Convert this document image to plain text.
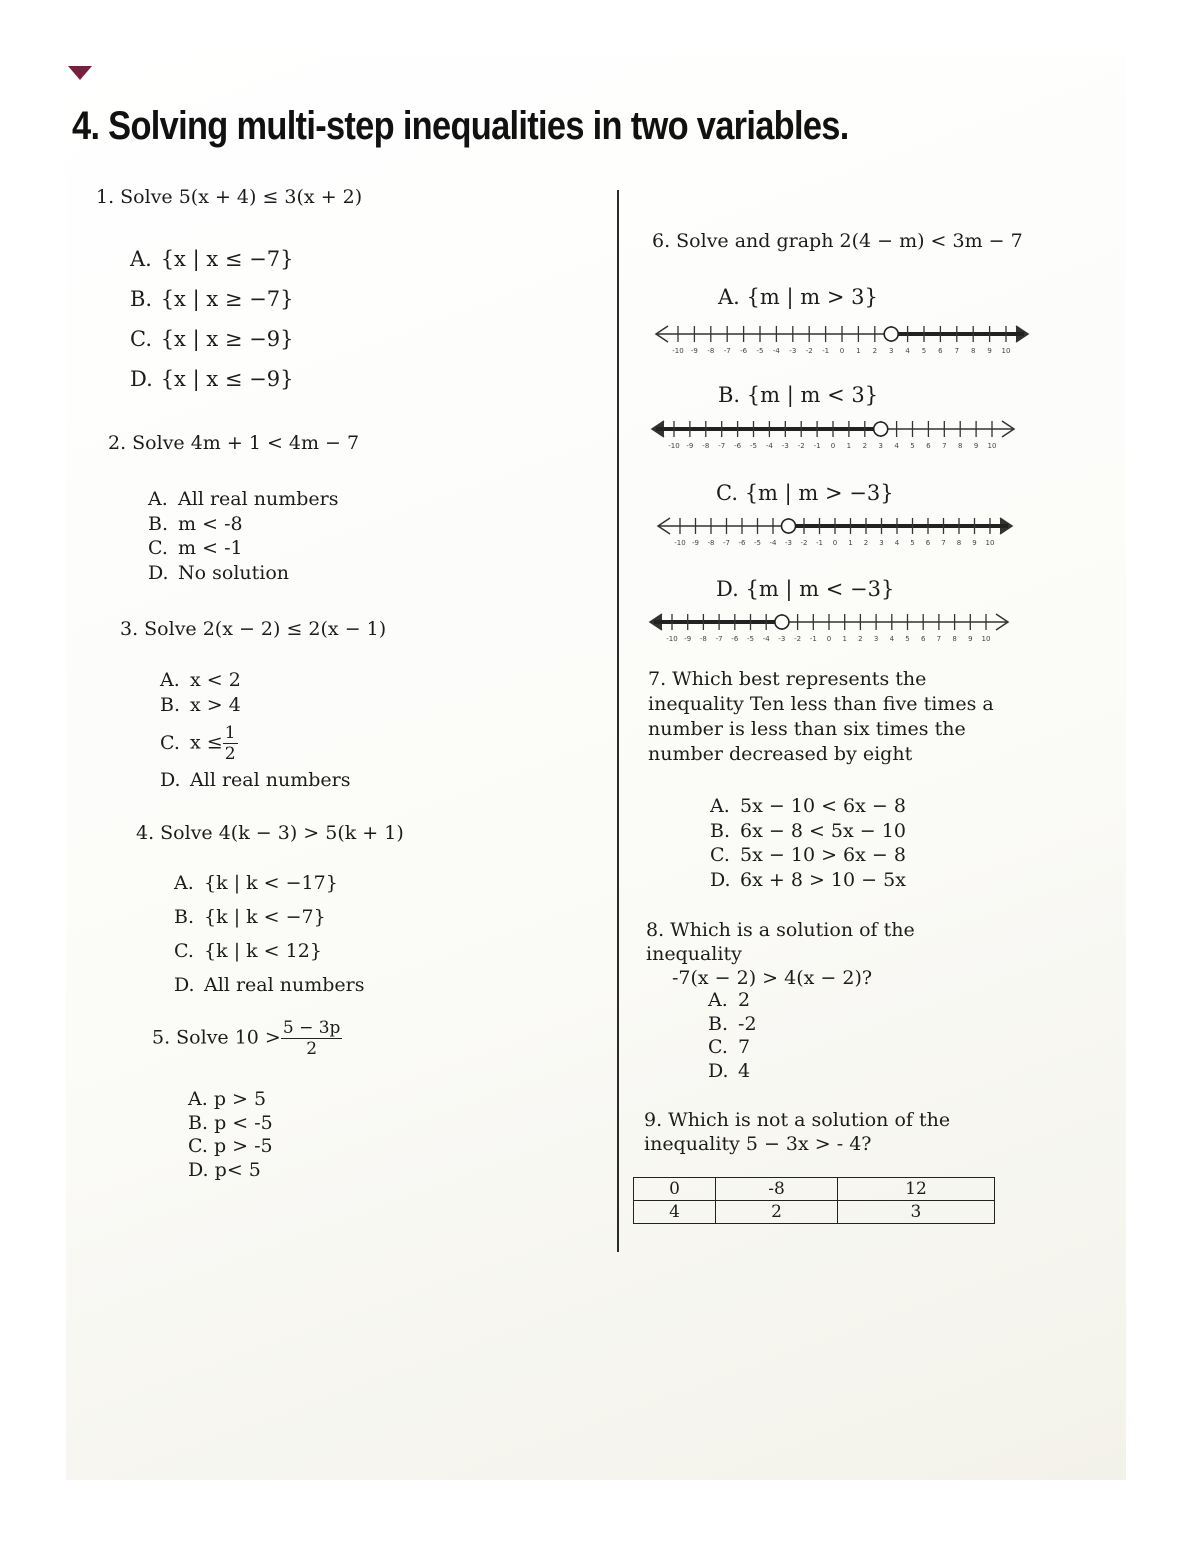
4. Solving multi-step inequalities in two variables.
1. Solve 5(x + 4) ≤ 3(x + 2)
A. {x | x ≤ −7}
B. {x | x ≥ −7}
C. {x | x ≥ −9}
D. {x | x ≤ −9}
2. Solve 4m + 1 < 4m − 7
A. All real numbers
B. m < -8
C. m < -1
D. No solution
3. Solve 2(x − 2) ≤ 2(x − 1)
A. x < 2
B. x > 4
C. $x \le \frac{1}{2}$
D. All real numbers
4. Solve 4(k − 3) > 5(k + 1)
A. {k | k < −17}
B. {k | k < −7}
C. {k | k < 12}
D. All real numbers
5. Solve $10 > \frac{5 - 3p}{2}$
A. p > 5
B. p < -5
C. p > -5
D. p< 5
6. Solve and graph 2(4 − m) < 3m − 7
A. {m | m > 3}
-10 -9 -8 -7 -6 -5 -4 -3 -2 -1 0 1 2 3 4 5 6 7 8 9 10
B. {m | m < 3}
-10 -9 -8 -7 -6 -5 -4 -3 -2 -1 0 1 2 3 4 5 6 7 8 9 10
C. {m | m > −3}
-10 -9 -8 -7 -6 -5 -4 -3 -2 -1 0 1 2 3 4 5 6 7 8 9 10
D. {m | m < −3}
-10 -9 -8 -7 -6 -5 -4 -3 -2 -1 0 1 2 3 4 5 6 7 8 9 10
7. Which best represents the inequality Ten less than five times a number is less than six times the number decreased by eight
A. 5x − 10 < 6x − 8
B. 6x − 8 < 5x − 10
C. 5x − 10 > 6x − 8
D. 6x + 8 > 10 − 5x
8. Which is a solution of the inequality
-7(x − 2) > 4(x − 2)?
A. 2
B. -2
C. 7
D. 4
9. Which is not a solution of the inequality 5 − 3x > - 4?
0	-8	12
4	2	3
